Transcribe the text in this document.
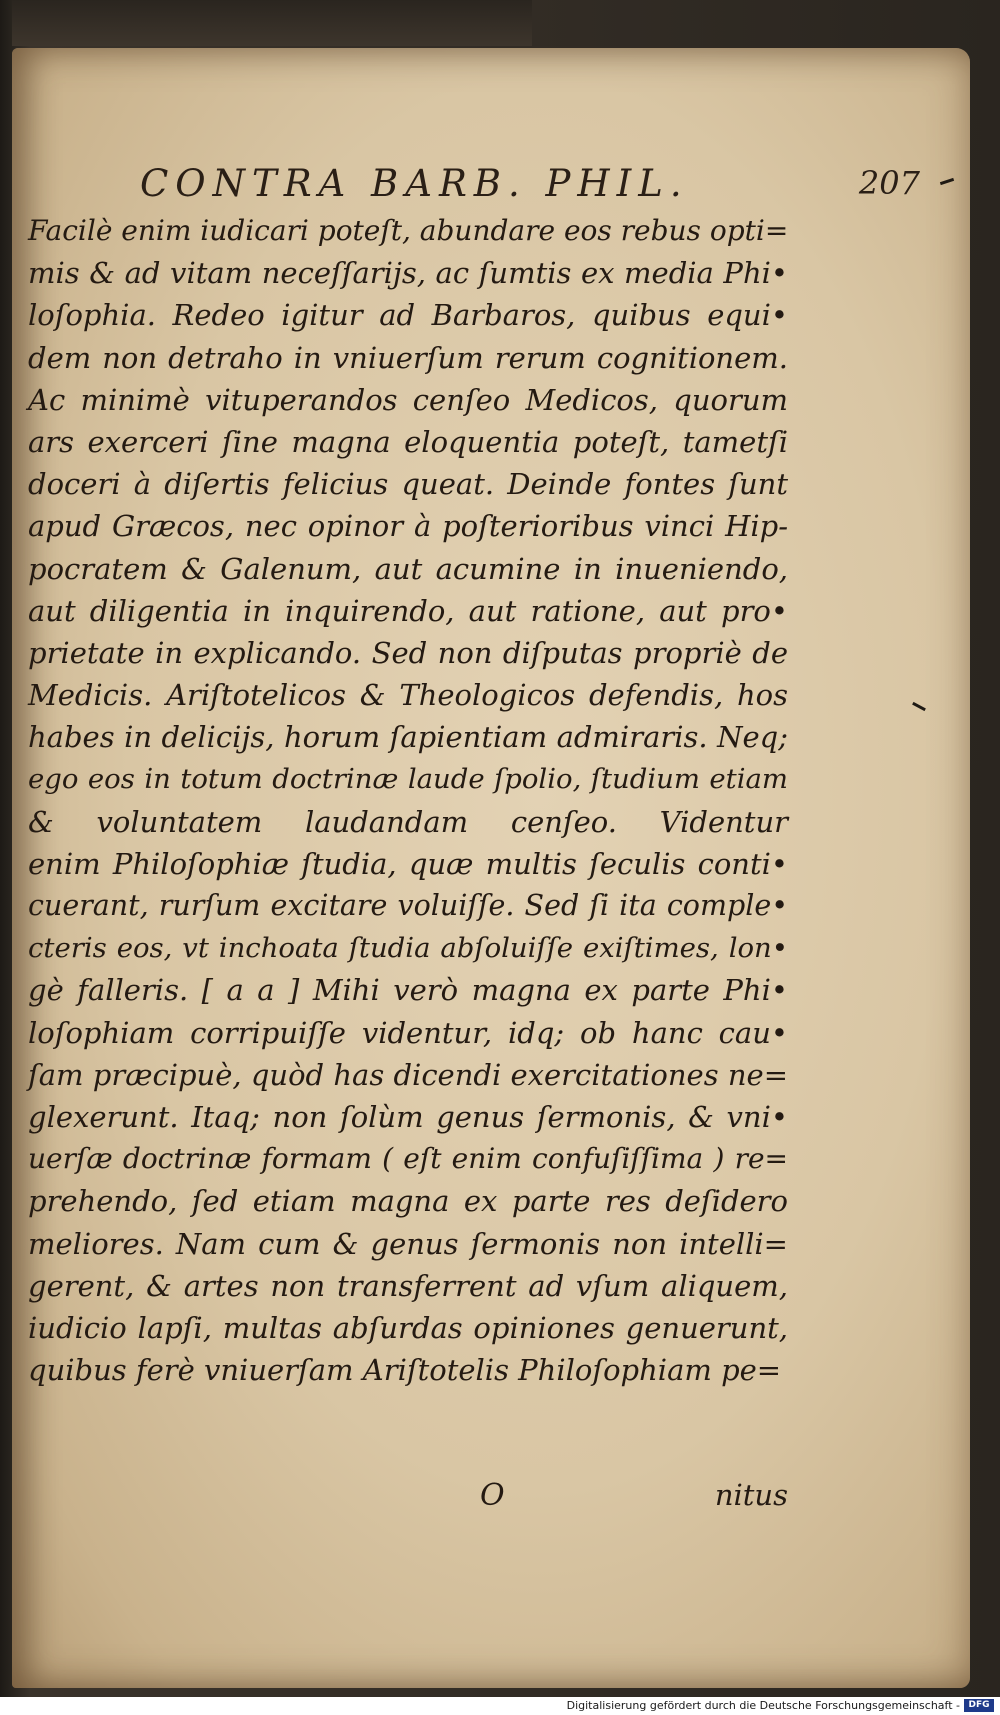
CONTRA BARB. PHIL.	207
Facilè enim iudicari poteſt, abundare eos rebus opti=
mis & ad vitam neceſſarijs, ac ſumtis ex media Phi•
loſophia. Redeo igitur ad Barbaros, quibus equi•
dem non detraho in vniuerſum rerum cognitionem.
Ac minimè vituperandos cenſeo Medicos, quorum
ars exerceri ſine magna eloquentia poteſt, tametſi
doceri à diſertis felicius queat. Deinde fontes ſunt
apud Græcos, nec opinor à poſterioribus vinci Hip-
pocratem & Galenum, aut acumine in inueniendo,
aut diligentia in inquirendo, aut ratione, aut pro•
prietate in explicando. Sed non diſputas propriè de
Medicis. Ariſtotelicos & Theologicos defendis, hos
habes in delicijs, horum ſapientiam admiraris. Neq;
ego eos in totum doctrinæ laude ſpolio, ſtudium etiam
& voluntatem laudandam cenſeo. Videntur
enim Philoſophiæ ſtudia, quæ multis ſeculis conti•
cuerant, rurſum excitare voluiſſe. Sed ſi ita comple•
cteris eos, vt inchoata ſtudia abſoluiſſe exiſtimes, lon•
gè falleris. [ a a ] Mihi verò magna ex parte Phi•
loſophiam corripuiſſe videntur, idq; ob hanc cau•
ſam præcipuè, quòd has dicendi exercitationes ne=
glexerunt. Itaq; non ſolùm genus ſermonis, & vni•
uerſæ doctrinæ formam ( eſt enim confuſiſſima ) re=
prehendo, ſed etiam magna ex parte res deſidero
meliores. Nam cum & genus ſermonis non intelli=
gerent, & artes non transferrent ad vſum aliquem,
iudicio lapſi, multas abſurdas opiniones genuerunt,
quibus ferè vniuerſam Ariſtotelis Philoſophiam pe=
O	nitus
Digitalisierung gefördert durch die Deutsche Forschungsgemeinschaft - DFG
